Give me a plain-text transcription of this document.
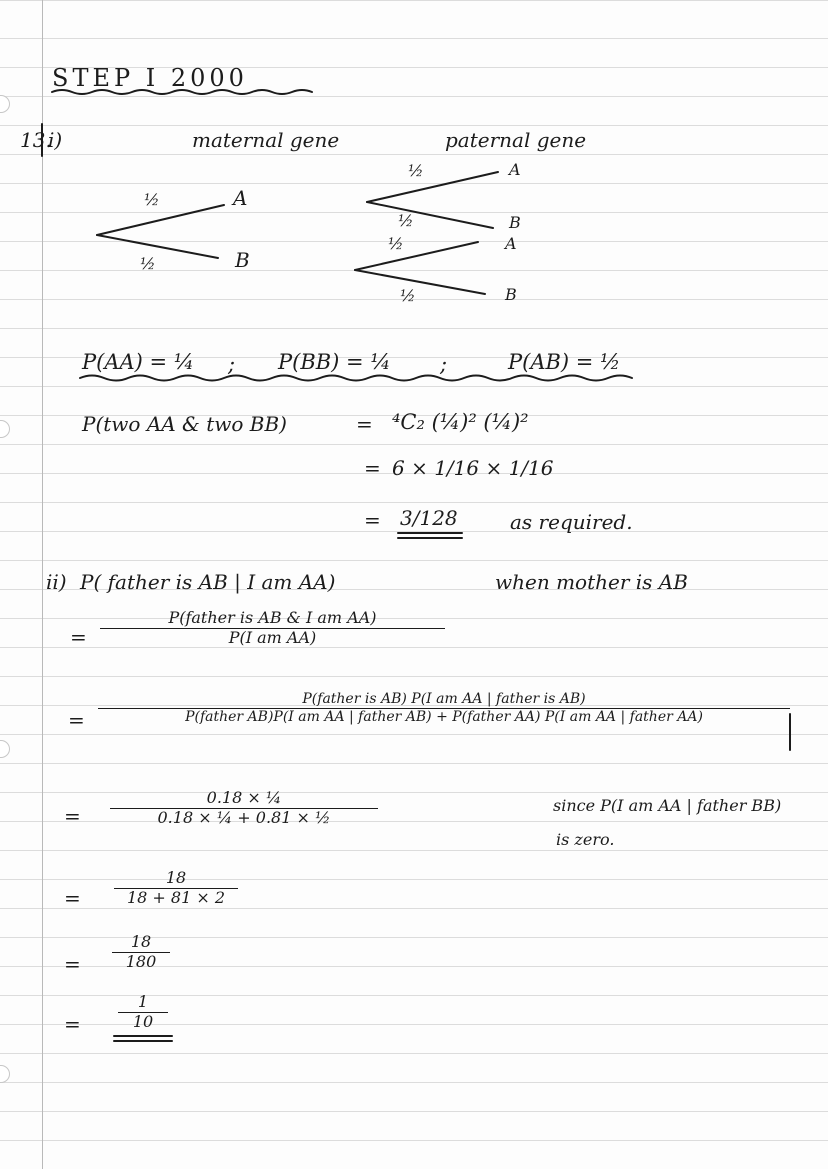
STEP I 2000
13.
i)	maternal gene	paternal gene
½
½
A
B
½
½
½
½
A
B
A
B
P(AA) = ¼ ; P(BB) = ¼ ;	P(AB) = ½
P(two AA & two BB)	= ⁴C₂ (¼)² (¼)²
= 6 × 1/16 × 1/16
= 3/128	as required.
ii) P( father is AB | I am AA)	when mother is AB
=
P(father is AB & I am AA)
P(I am AA)
=
P(father is AB) P(I am AA | father is AB)
P(father AB)P(I am AA | father AB) + P(father AA) P(I am AA | father AA)
=
0.18 × ¼
0.18 × ¼ + 0.81 × ½
since P(I am AA | father BB)
is zero.
=
18
18 + 81 × 2
=
18
180
=
1
10
